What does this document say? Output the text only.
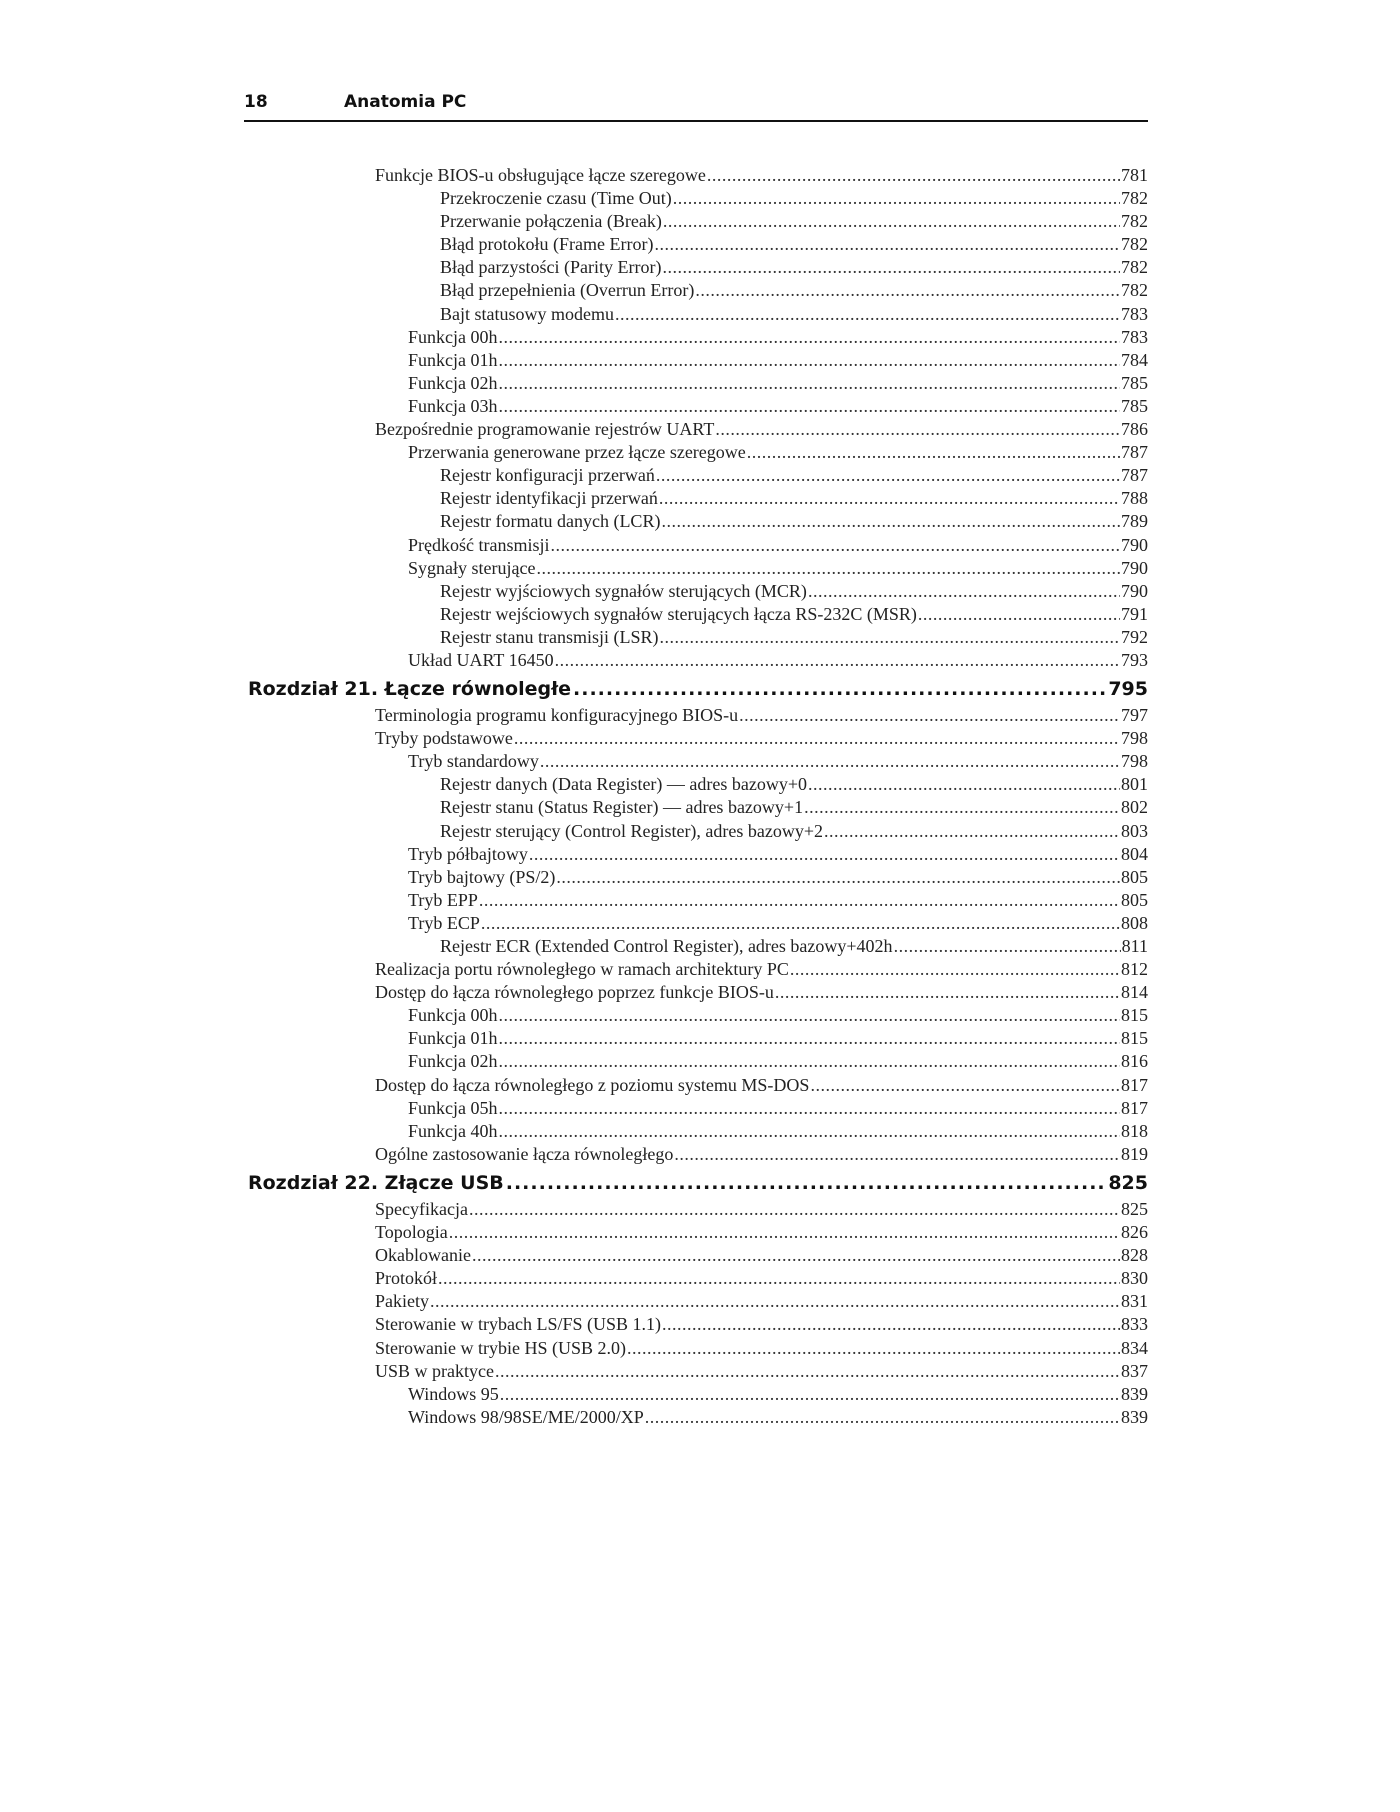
18	Anatomia PC
Funkcje BIOS-u obsługujące łącze szeregowe .....	781
Przekroczenie czasu (Time Out) .....	782
Przerwanie połączenia (Break) .....	782
Błąd protokołu (Frame Error) .....	782
Błąd parzystości (Parity Error) .....	782
Błąd przepełnienia (Overrun Error) .....	782
Bajt statusowy modemu .....	783
Funkcja 00h .....	783
Funkcja 01h .....	784
Funkcja 02h .....	785
Funkcja 03h .....	785
Bezpośrednie programowanie rejestrów UART .....	786
Przerwania generowane przez łącze szeregowe .....	787
Rejestr konfiguracji przerwań .....	787
Rejestr identyfikacji przerwań .....	788
Rejestr formatu danych (LCR) .....	789
Prędkość transmisji .....	790
Sygnały sterujące .....	790
Rejestr wyjściowych sygnałów sterujących (MCR) .....	790
Rejestr wejściowych sygnałów sterujących łącza RS-232C (MSR) .....	791
Rejestr stanu transmisji (LSR) .....	792
Układ UART 16450 .....	793
Rozdział 21. Łącze równoległe .....	795
Terminologia programu konfiguracyjnego BIOS-u .....	797
Tryby podstawowe .....	798
Tryb standardowy .....	798
Rejestr danych (Data Register) — adres bazowy+0 .....	801
Rejestr stanu (Status Register) — adres bazowy+1 .....	802
Rejestr sterujący (Control Register), adres bazowy+2 .....	803
Tryb półbajtowy .....	804
Tryb bajtowy (PS/2) .....	805
Tryb EPP .....	805
Tryb ECP .....	808
Rejestr ECR (Extended Control Register), adres bazowy+402h .....	811
Realizacja portu równoległego w ramach architektury PC .....	812
Dostęp do łącza równoległego poprzez funkcje BIOS-u .....	814
Funkcja 00h .....	815
Funkcja 01h .....	815
Funkcja 02h .....	816
Dostęp do łącza równoległego z poziomu systemu MS-DOS .....	817
Funkcja 05h .....	817
Funkcja 40h .....	818
Ogólne zastosowanie łącza równoległego .....	819
Rozdział 22. Złącze USB .....	825
Specyfikacja .....	825
Topologia .....	826
Okablowanie .....	828
Protokół .....	830
Pakiety .....	831
Sterowanie w trybach LS/FS (USB 1.1) .....	833
Sterowanie w trybie HS (USB 2.0) .....	834
USB w praktyce .....	837
Windows 95 .....	839
Windows 98/98SE/ME/2000/XP .....	839
